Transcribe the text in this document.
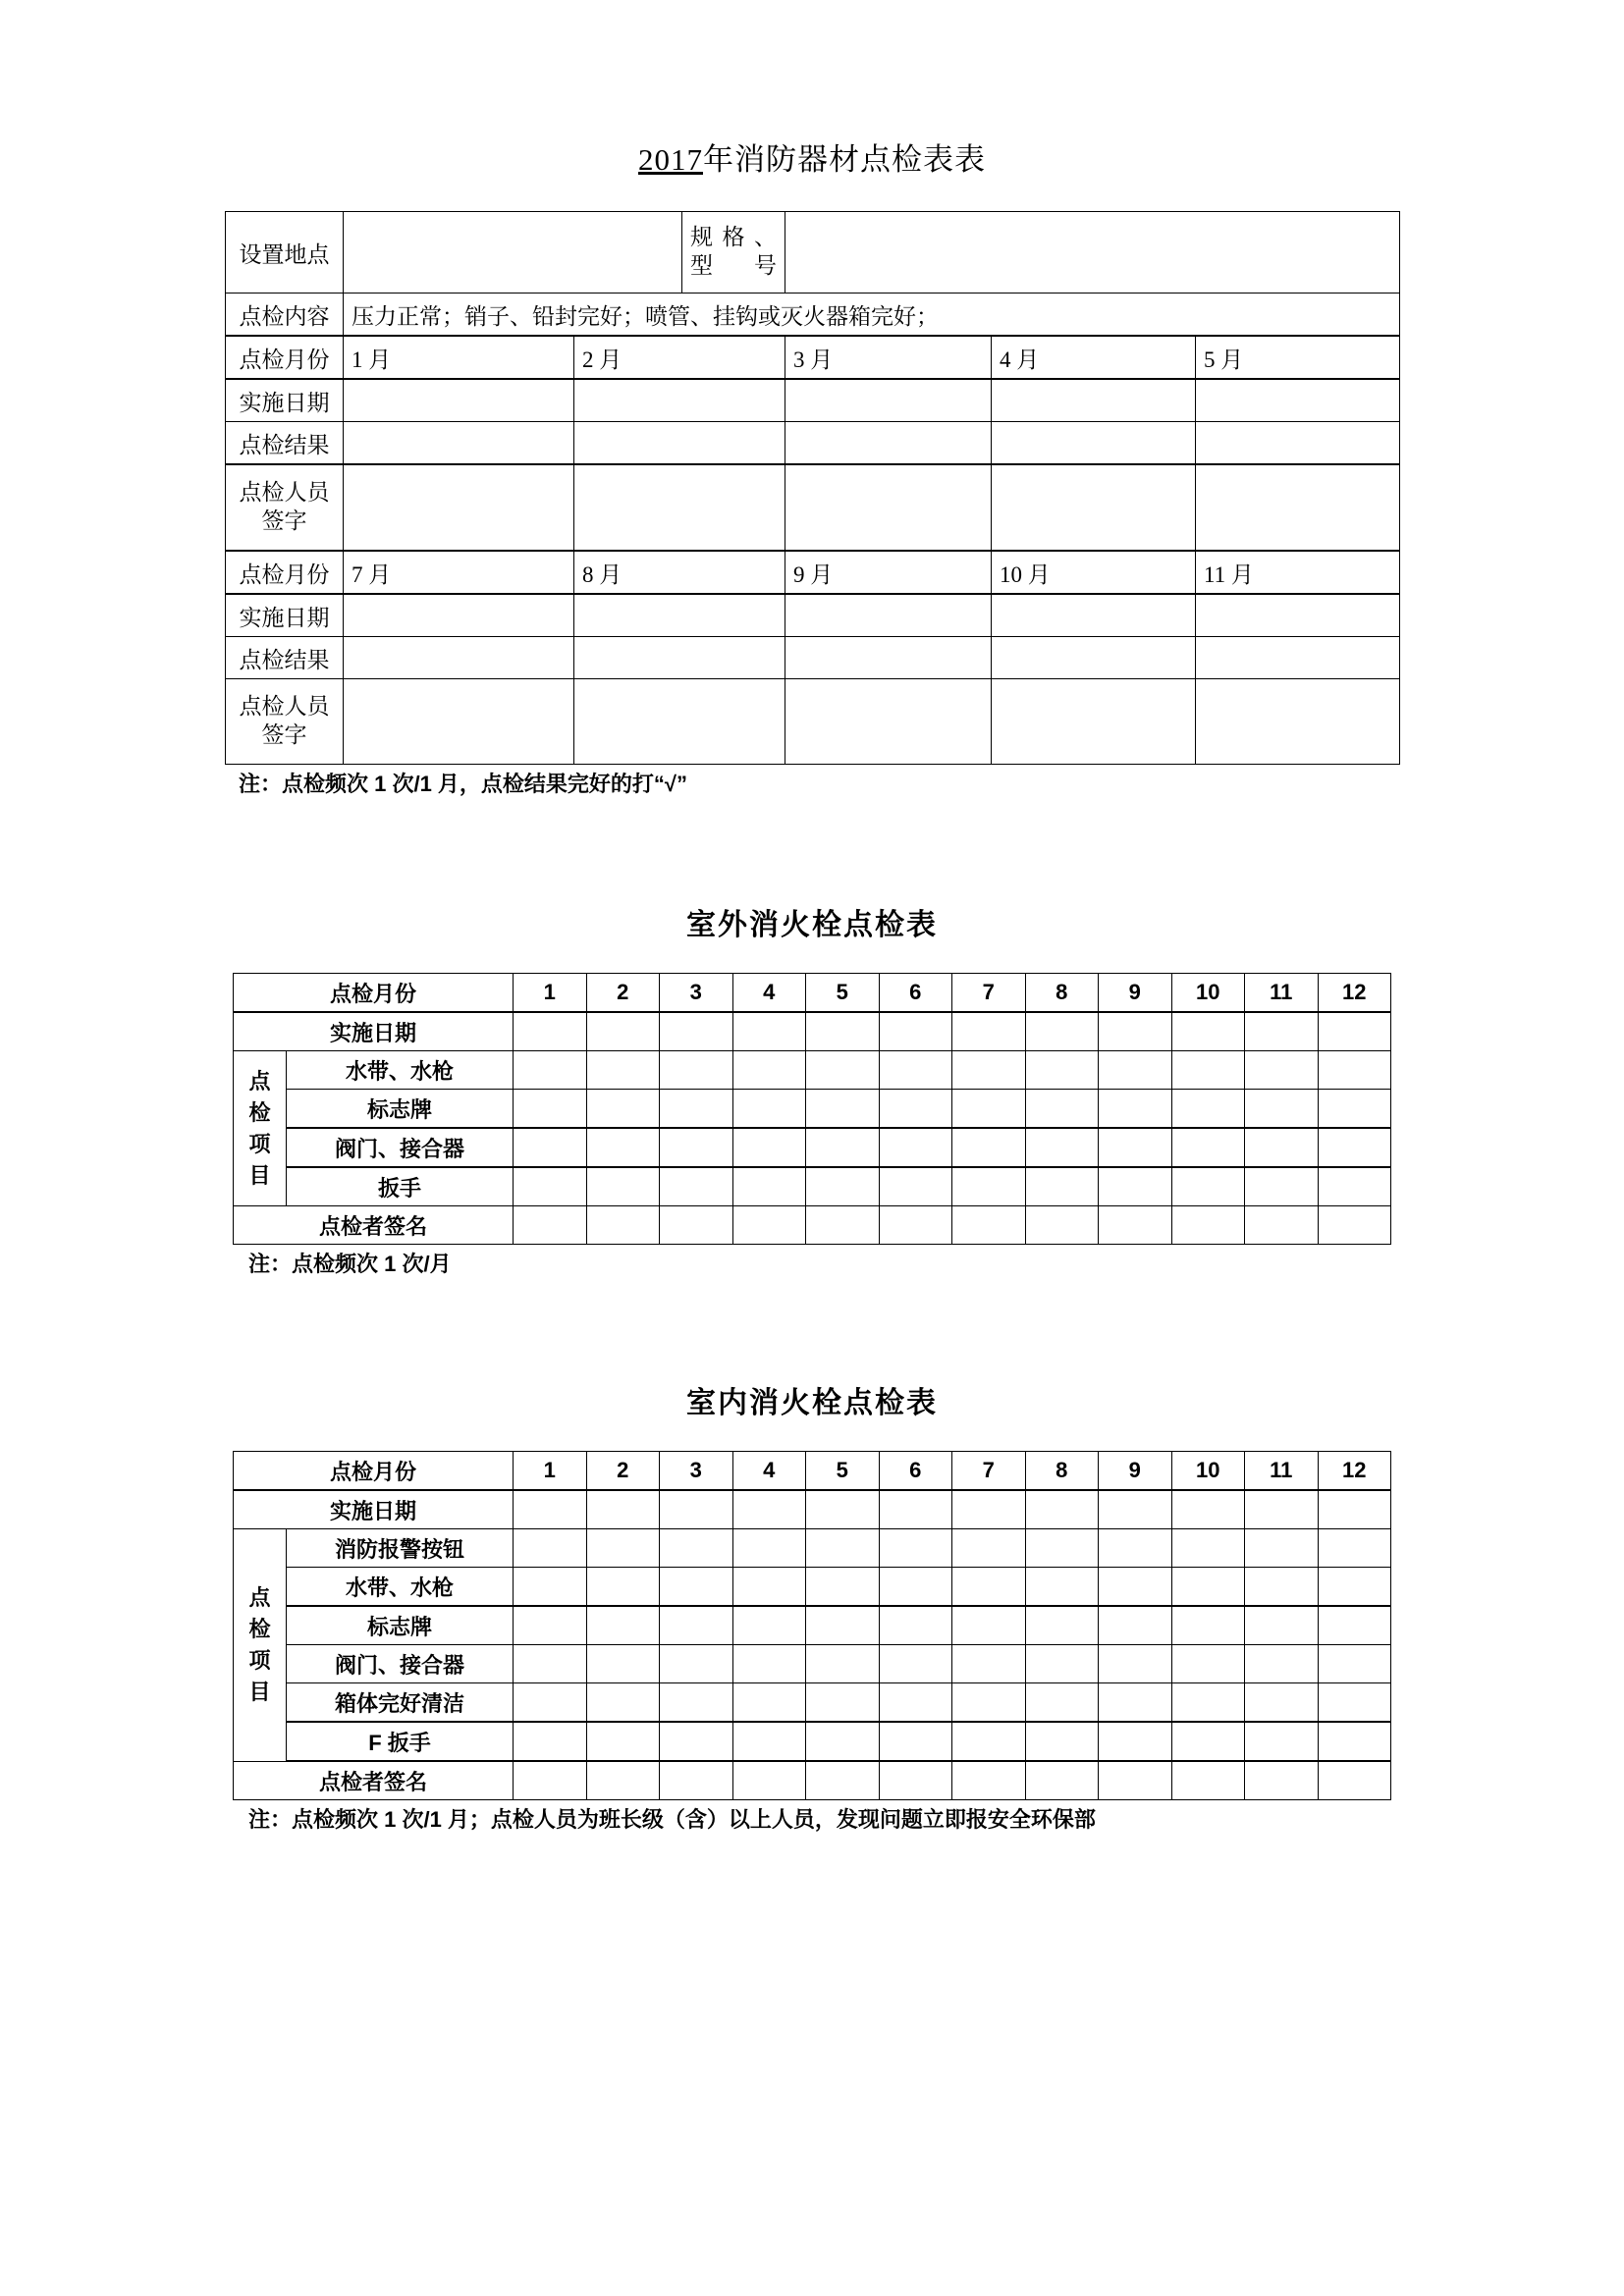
2017年消防器材点检表表
设置地点			规格、型号			
点检内容	压力正常；销子、铅封完好；喷管、挂钩或灭火器箱完好；					
点检月份	1 月	2 月		3 月	4 月	5 月
实施日期						
点检结果						
点检人员签字						
点检月份	7 月	8 月		9 月	10 月	11 月
实施日期						
点检结果						
点检人员签字						
注：点检频次 1 次/1 月，点检结果完好的打“√”
室外消火栓点检表
点检月份		1	2	3	4	5	6	7	8	9	10	11	12
实施日期													

点
检
项
目	水带、水枪												
	标志牌												
	阀门、接合器												
	扳手												
点检者签名													
注：点检频次 1 次/月
室内消火栓点检表
点检月份		1	2	3	4	5	6	7	8	9	10	11	12
实施日期													

点
检
项
目	消防报警按钮												
	水带、水枪												
	标志牌												
	阀门、接合器												
	箱体完好清洁												
	F 扳手												
点检者签名													
注：点检频次 1 次/1 月；点检人员为班长级（含）以上人员，发现问题立即报安全环保部
